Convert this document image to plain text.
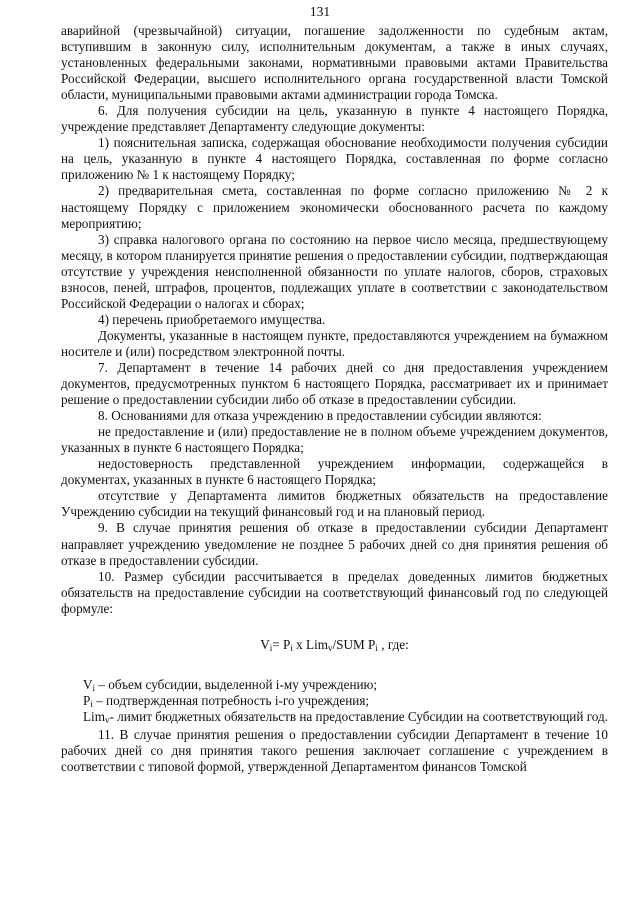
131

аварийной (чрезвычайной) ситуации, погашение задолженности по судебным актам, вступившим в законную силу, исполнительным документам, а также в иных случаях, установленных федеральными законами, нормативными правовыми актами Правительства Российской Федерации, высшего исполнительного органа государственной власти Томской области, муниципальными правовыми актами администрации города Томска.

6. Для получения субсидии на цель, указанную в пункте 4 настоящего Порядка, учреждение представляет Департаменту следующие документы:

1) пояснительная записка, содержащая обоснование необходимости получения субсидии на цель, указанную в пункте 4 настоящего Порядка, составленная по форме согласно приложению № 1 к настоящему Порядку;

2) предварительная смета, составленная по форме согласно приложению № 2 к настоящему Порядку с приложением экономически обоснованного расчета по каждому мероприятию;

3) справка налогового органа по состоянию на первое число месяца, предшествующему месяцу, в котором планируется принятие решения о предоставлении субсидии, подтверждающая отсутствие у учреждения неисполненной обязанности по уплате налогов, сборов, страховых взносов, пеней, штрафов, процентов, подлежащих уплате в соответствии с законодательством Российской Федерации о налогах и сборах;

4) перечень приобретаемого имущества.

Документы, указанные в настоящем пункте, предоставляются учреждением на бумажном носителе и (или) посредством электронной почты.

7. Департамент в течение 14 рабочих дней со дня предоставления учреждением документов, предусмотренных пунктом 6 настоящего Порядка, рассматривает их и принимает решение о предоставлении субсидии либо об отказе в предоставлении субсидии.

8. Основаниями для отказа учреждению в предоставлении субсидии являются:

не предоставление и (или) предоставление не в полном объеме учреждением документов, указанных в пункте 6 настоящего Порядка;

недостоверность представленной учреждением информации, содержащейся в документах, указанных в пункте 6 настоящего Порядка;

отсутствие у Департамента лимитов бюджетных обязательств на предоставление Учреждению субсидии на текущий финансовый год и на плановый период.

9. В случае принятия решения об отказе в предоставлении субсидии Департамент направляет учреждению уведомление не позднее 5 рабочих дней со дня принятия решения об отказе в предоставлении субсидии.

10. Размер субсидии рассчитывается в пределах доведенных лимитов бюджетных обязательств на предоставление субсидии на соответствующий финансовый год по следующей формуле:

$V_i= P_i$ x Lim$_v$/SUM $P_i$ , где:

$V_i$ – объем субсидии, выделенной i-му учреждению;

$P_i$ – подтвержденная потребность i-го учреждения;

Lim$_v$- лимит бюджетных обязательств на предоставление Субсидии на соответствующий год.

11. В случае принятия решения о предоставлении субсидии Департамент в течение 10 рабочих дней со дня принятия такого решения заключает соглашение с учреждением в соответствии с типовой формой, утвержденной Департаментом финансов Томской
